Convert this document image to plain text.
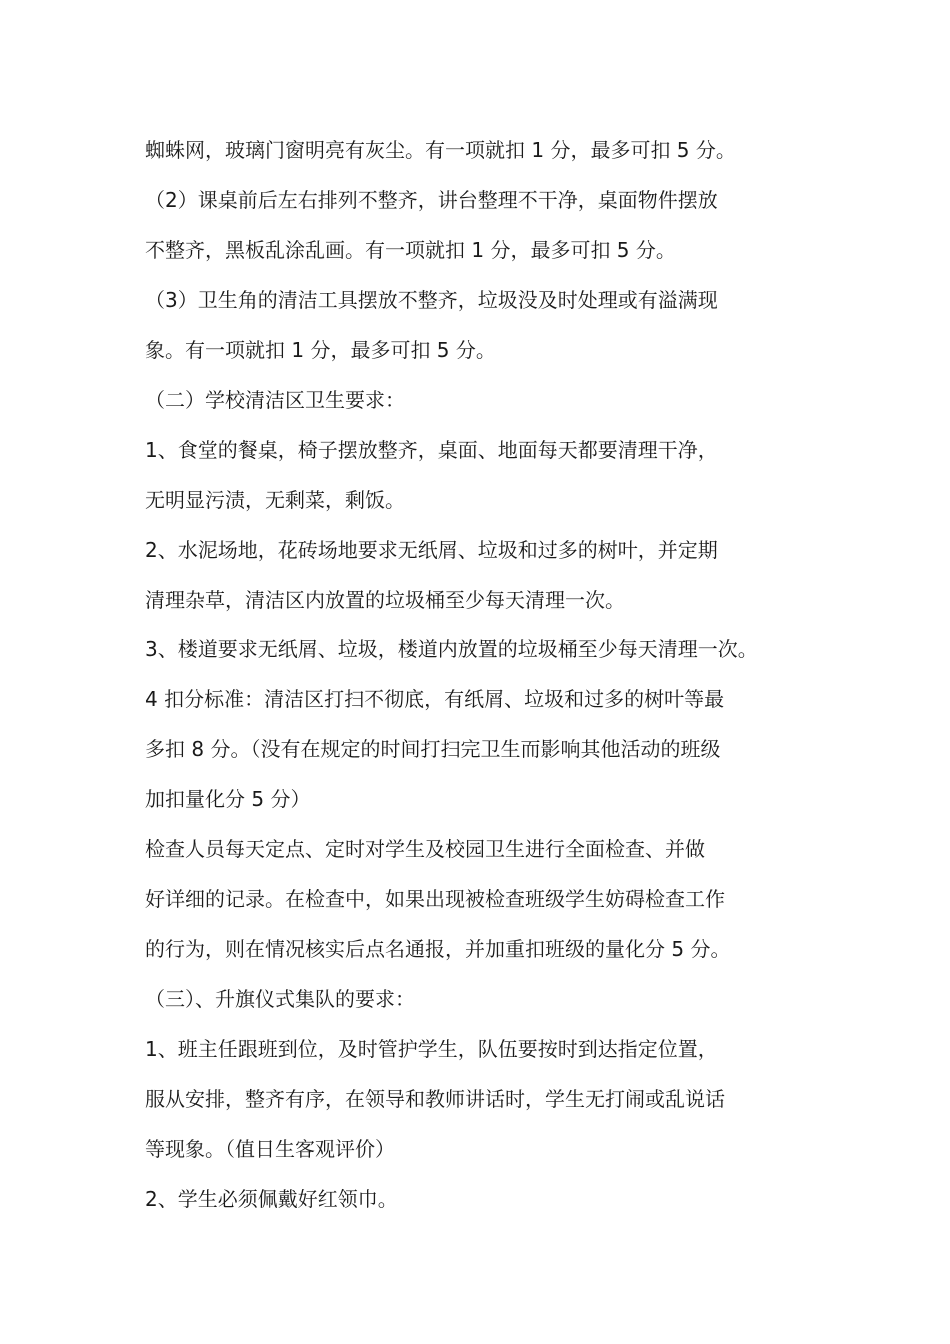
蜘蛛网，玻璃门窗明亮有灰尘。有一项就扣 1 分，最多可扣 5 分。
（2）课桌前后左右排列不整齐，讲台整理不干净，桌面物件摆放
不整齐，黑板乱涂乱画。有一项就扣 1 分，最多可扣 5 分。
（3）卫生角的清洁工具摆放不整齐，垃圾没及时处理或有溢满现
象。有一项就扣 1 分，最多可扣 5 分。
（二）学校清洁区卫生要求：
1、食堂的餐桌，椅子摆放整齐，桌面、地面每天都要清理干净，
无明显污渍，无剩菜，剩饭。
2、水泥场地，花砖场地要求无纸屑、垃圾和过多的树叶，并定期
清理杂草，清洁区内放置的垃圾桶至少每天清理一次。
3、楼道要求无纸屑、垃圾，楼道内放置的垃圾桶至少每天清理一次。
4 扣分标准：清洁区打扫不彻底，有纸屑、垃圾和过多的树叶等最
多扣 8 分。（没有在规定的时间打扫完卫生而影响其他活动的班级
加扣量化分 5 分）
检查人员每天定点、定时对学生及校园卫生进行全面检查、并做
好详细的记录。在检查中，如果出现被检查班级学生妨碍检查工作
的行为，则在情况核实后点名通报，并加重扣班级的量化分 5 分。
（三）、升旗仪式集队的要求：
1、班主任跟班到位，及时管护学生，队伍要按时到达指定位置，
服从安排，整齐有序，在领导和教师讲话时，学生无打闹或乱说话
等现象。（值日生客观评价）
2、学生必须佩戴好红领巾。
